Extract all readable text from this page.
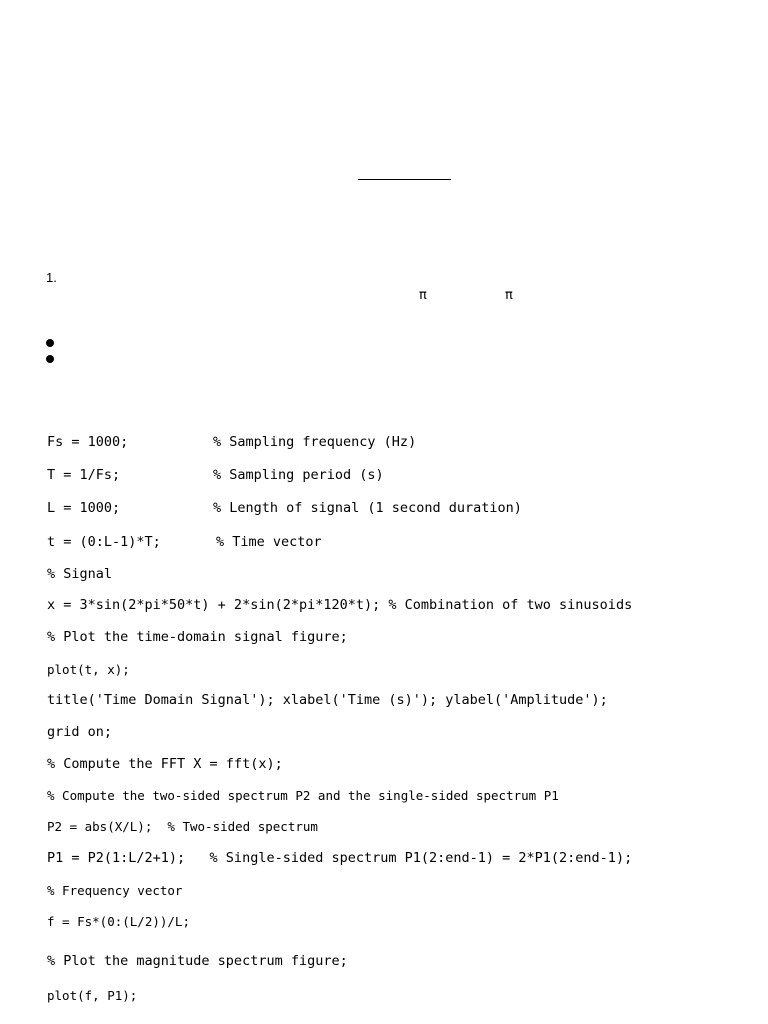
1.
π	π
Fs = 1000;	% Sampling frequency (Hz)
T = 1/Fs;	% Sampling period (s)
L = 1000;	% Length of signal (1 second duration)
t = (0:L-1)*T;	% Time vector
% Signal
x = 3*sin(2*pi*50*t) + 2*sin(2*pi*120*t); % Combination of two sinusoids
% Plot the time-domain signal figure;
plot(t, x);
title('Time Domain Signal'); xlabel('Time (s)'); ylabel('Amplitude');
grid on;
% Compute the FFT X = fft(x);
% Compute the two-sided spectrum P2 and the single-sided spectrum P1
P2 = abs(X/L);  % Two-sided spectrum
P1 = P2(1:L/2+1);   % Single-sided spectrum P1(2:end-1) = 2*P1(2:end-1);
% Frequency vector
f = Fs*(0:(L/2))/L;
% Plot the magnitude spectrum figure;
plot(f, P1);
